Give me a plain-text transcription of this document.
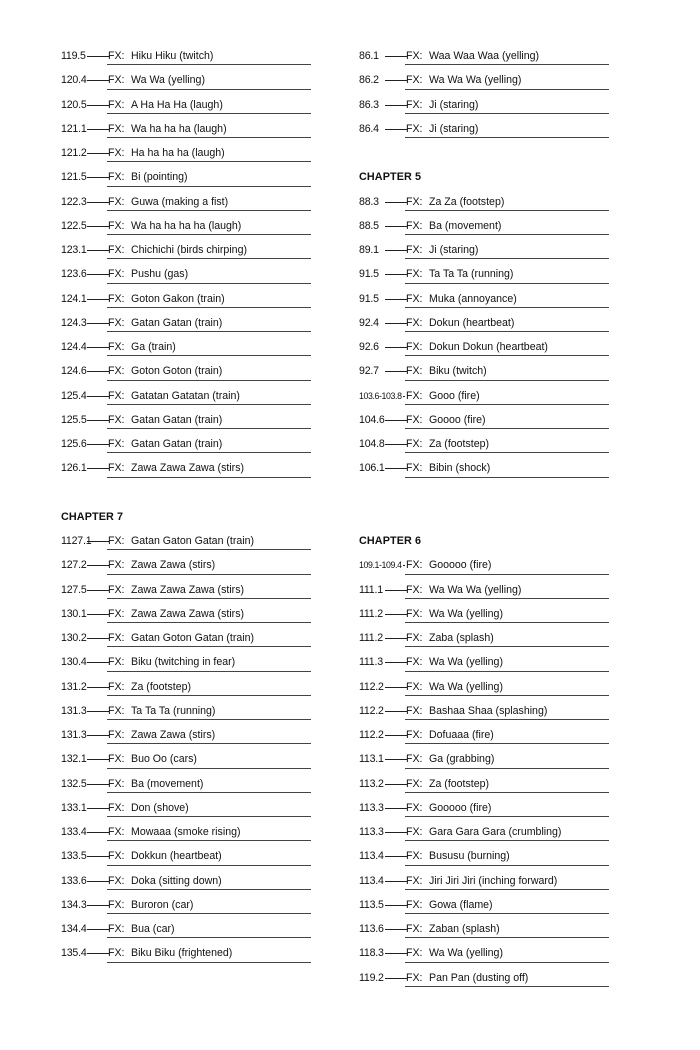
119.5 FX: Hiku Hiku (twitch)
120.4 FX: Wa Wa (yelling)
120.5 FX: A Ha Ha Ha (laugh)
121.1 FX: Wa ha ha ha (laugh)
121.2 FX: Ha ha ha ha (laugh)
121.5 FX: Bi (pointing)
122.3 FX: Guwa (making a fist)
122.5 FX: Wa ha ha ha ha (laugh)
123.1 FX: Chichichi (birds chirping)
123.6 FX: Pushu (gas)
124.1 FX: Goton Gakon (train)
124.3 FX: Gatan Gatan (train)
124.4 FX: Ga (train)
124.6 FX: Goton Goton (train)
125.4 FX: Gatatan Gatatan (train)
125.5 FX: Gatan Gatan (train)
125.6 FX: Gatan Gatan (train)
126.1 FX: Zawa Zawa Zawa (stirs)
CHAPTER 7
1127.1 FX: Gatan Gaton Gatan (train)
127.2 FX: Zawa Zawa (stirs)
127.5 FX: Zawa Zawa Zawa (stirs)
130.1 FX: Zawa Zawa Zawa (stirs)
130.2 FX: Gatan Goton Gatan (train)
130.4 FX: Biku (twitching in fear)
131.2 FX: Za (footstep)
131.3 FX: Ta Ta Ta (running)
131.3 FX: Zawa Zawa (stirs)
132.1 FX: Buo Oo (cars)
132.5 FX: Ba (movement)
133.1 FX: Don (shove)
133.4 FX: Mowaaa (smoke rising)
133.5 FX: Dokkun (heartbeat)
133.6 FX: Doka (sitting down)
134.3 FX: Buroron (car)
134.4 FX: Bua (car)
135.4 FX: Biku Biku (frightened)
86.1	FX: Waa Waa Waa (yelling)
86.2	FX: Wa Wa Wa (yelling)
86.3	FX: Ji (staring)
86.4	FX: Ji (staring)
CHAPTER 5
88.3	FX: Za Za (footstep)
88.5	FX: Ba (movement)
89.1	FX: Ji (staring)
91.5	FX: Ta Ta Ta (running)
91.5	FX: Muka (annoyance)
92.4	FX: Dokun (heartbeat)
92.6	FX: Dokun Dokun (heartbeat)
92.7	FX: Biku (twitch)
103.6-103.8 FX: Gooo (fire)
104.6 FX: Goooo (fire)
104.8 FX: Za (footstep)
106.1 FX: Bibin (shock)
CHAPTER 6
109.1-109.4 FX: Gooooo (fire)
111.1 FX: Wa Wa Wa (yelling)
111.2 FX: Wa Wa (yelling)
111.2 FX: Zaba (splash)
111.3 FX: Wa Wa (yelling)
112.2 FX: Wa Wa (yelling)
112.2 FX: Bashaa Shaa (splashing)
112.2 FX: Dofuaaa (fire)
113.1 FX: Ga (grabbing)
113.2 FX: Za (footstep)
113.3 FX: Gooooo (fire)
113.3 FX: Gara Gara Gara (crumbling)
113.4 FX: Bususu (burning)
113.4 FX: Jiri Jiri Jiri (inching forward)
113.5 FX: Gowa (flame)
113.6 FX: Zaban (splash)
118.3 FX: Wa Wa (yelling)
119.2 FX: Pan Pan (dusting off)
